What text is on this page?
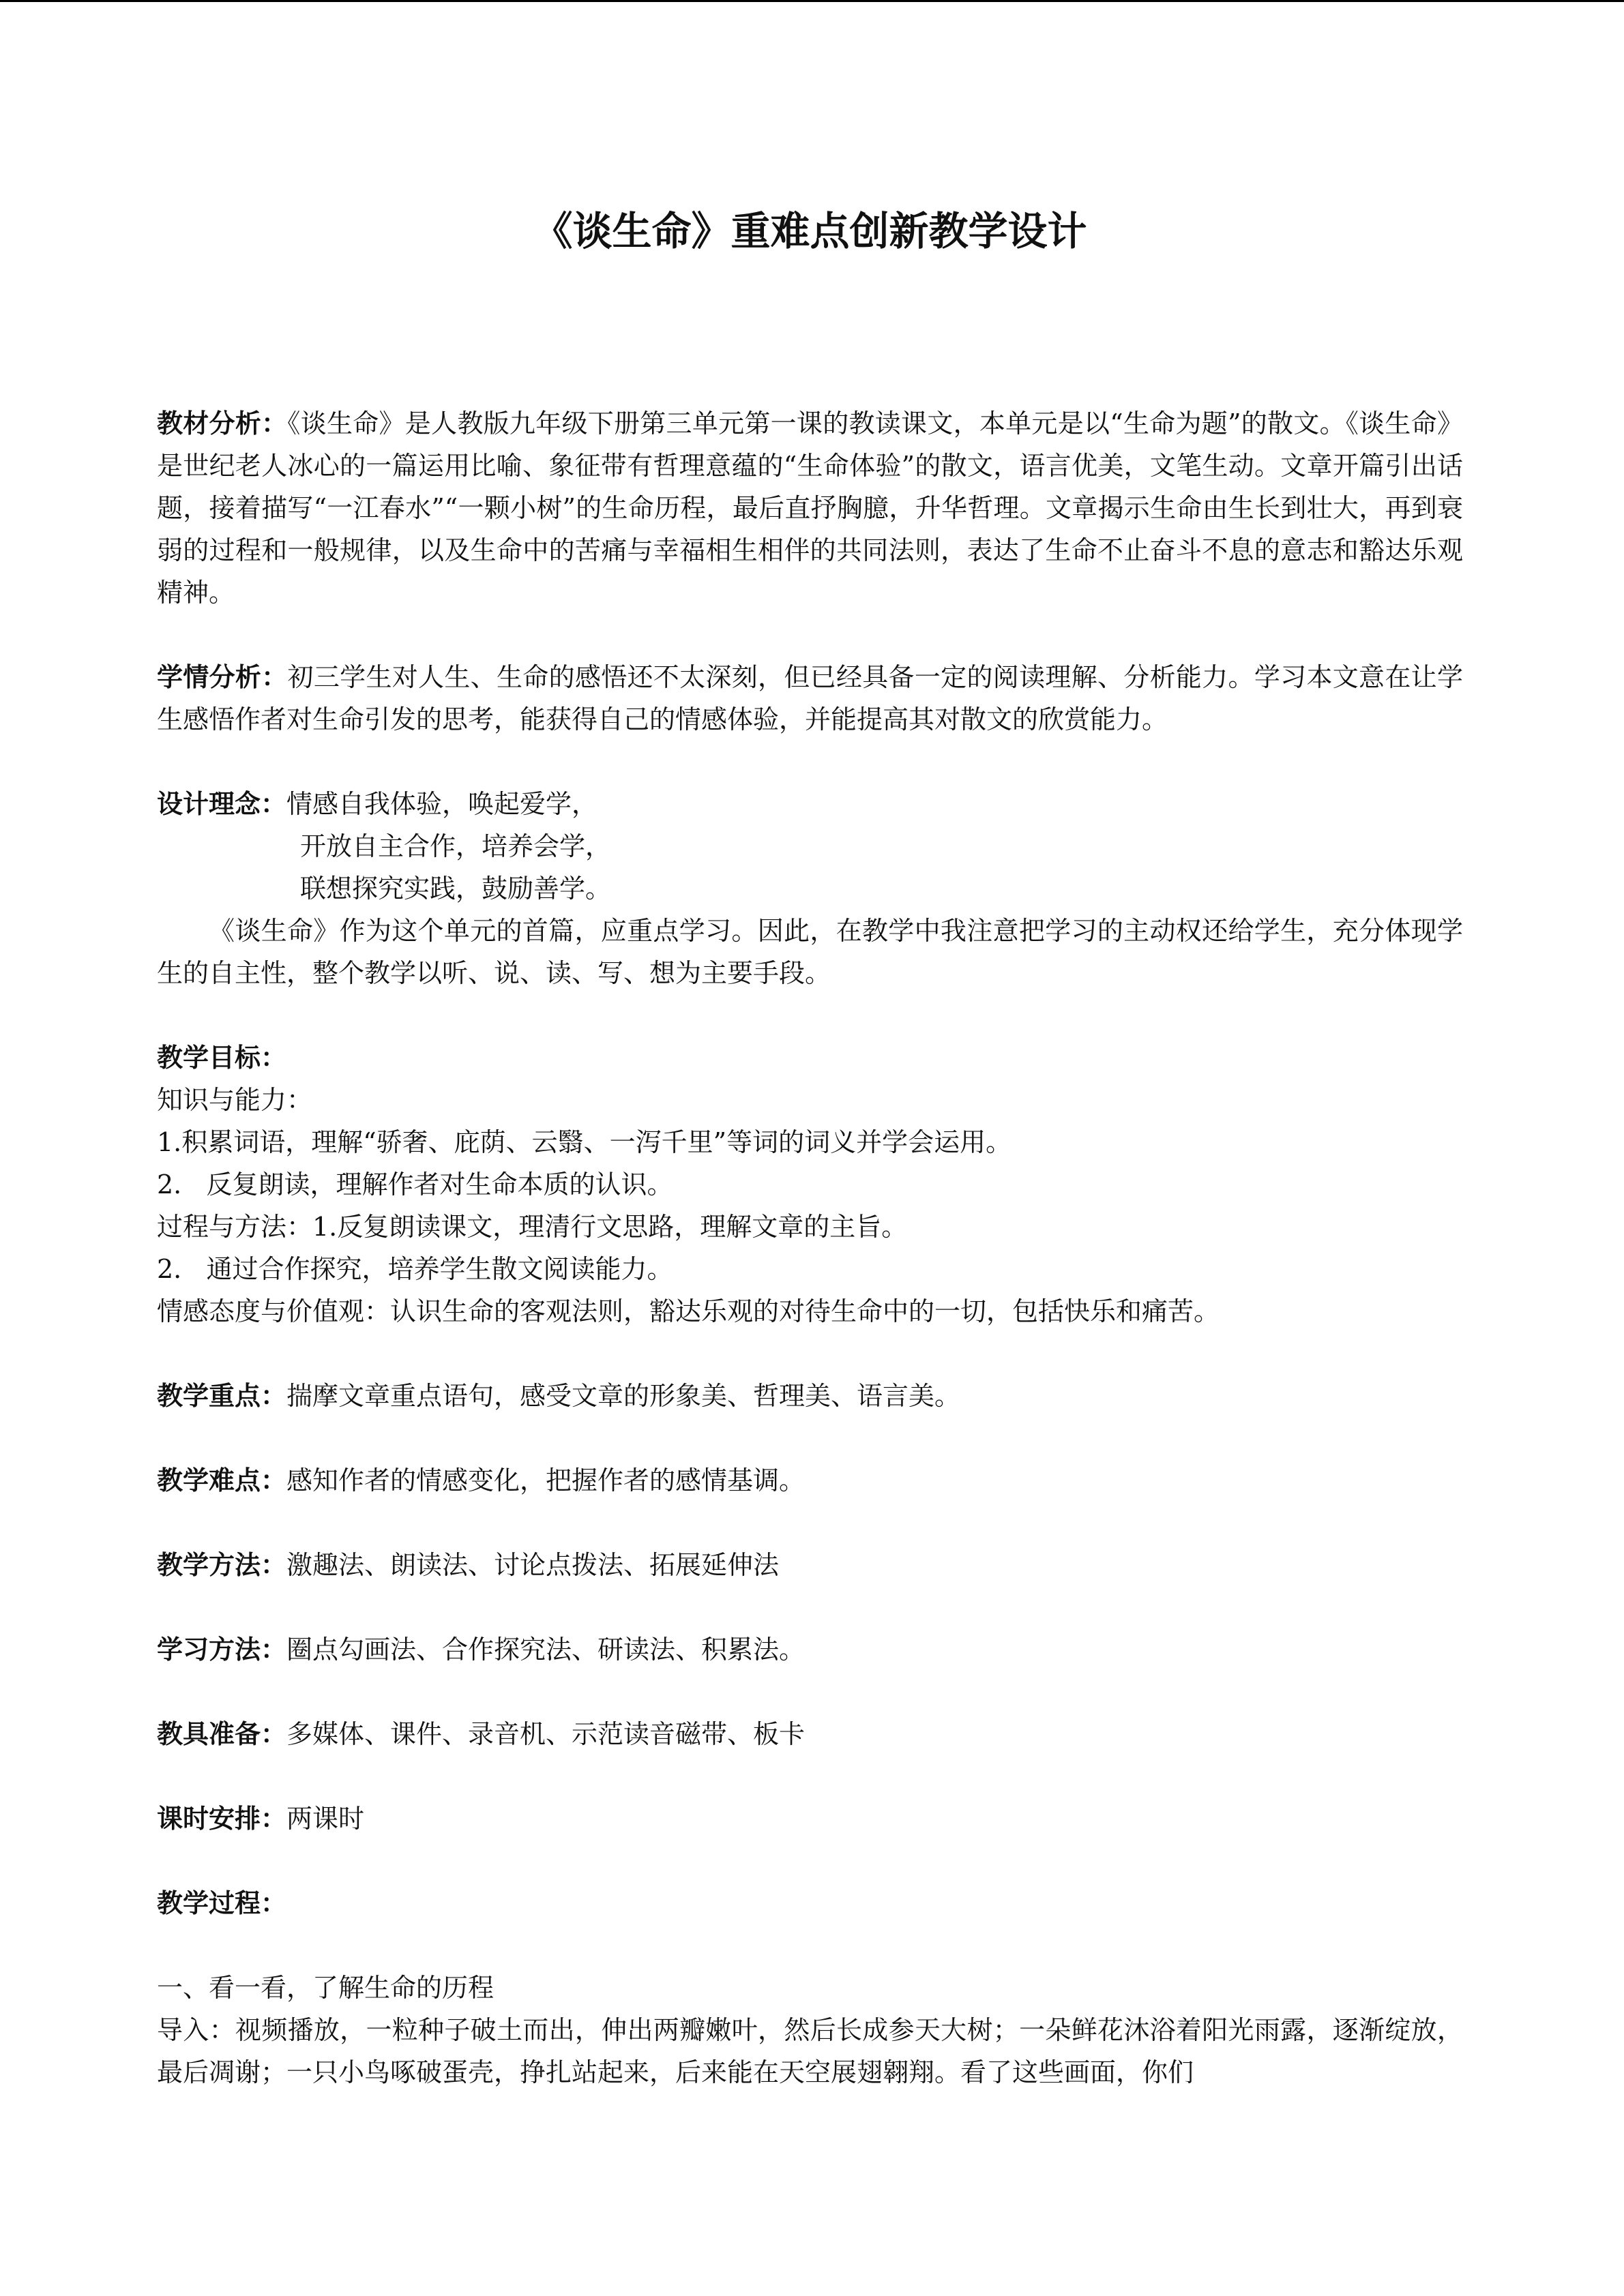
《谈生命》重难点创新教学设计

教材分析：《谈生命》是人教版九年级下册第三单元第一课的教读课文，本单元是以“生命为题”的散文。《谈生命》是世纪老人冰心的一篇运用比喻、象征带有哲理意蕴的“生命体验”的散文，语言优美，文笔生动。文章开篇引出话题，接着描写“一江春水”“一颗小树”的生命历程，最后直抒胸臆，升华哲理。文章揭示生命由生长到壮大，再到衰弱的过程和一般规律，以及生命中的苦痛与幸福相生相伴的共同法则，表达了生命不止奋斗不息的意志和豁达乐观精神。

学情分析：初三学生对人生、生命的感悟还不太深刻，但已经具备一定的阅读理解、分析能力。学习本文意在让学生感悟作者对生命引发的思考，能获得自己的情感体验，并能提高其对散文的欣赏能力。

设计理念：情感自我体验，唤起爱学，

开放自主合作，培养会学，

联想探究实践，鼓励善学。

《谈生命》作为这个单元的首篇，应重点学习。因此，在教学中我注意把学习的主动权还给学生，充分体现学生的自主性，整个教学以听、说、读、写、想为主要手段。

教学目标：

知识与能力：

1.积累词语，理解“骄奢、庇荫、云翳、一泻千里”等词的词义并学会运用。

2.   反复朗读，理解作者对生命本质的认识。

过程与方法：1.反复朗读课文，理清行文思路，理解文章的主旨。

2.   通过合作探究，培养学生散文阅读能力。

情感态度与价值观：认识生命的客观法则，豁达乐观的对待生命中的一切，包括快乐和痛苦。

教学重点：揣摩文章重点语句，感受文章的形象美、哲理美、语言美。

教学难点：感知作者的情感变化，把握作者的感情基调。

教学方法：激趣法、朗读法、讨论点拨法、拓展延伸法

学习方法：圈点勾画法、合作探究法、研读法、积累法。

教具准备：多媒体、课件、录音机、示范读音磁带、板卡

课时安排：两课时

教学过程：

一、看一看，了解生命的历程

导入：视频播放，一粒种子破土而出，伸出两瓣嫩叶，然后长成参天大树；一朵鲜花沐浴着阳光雨露，逐渐绽放，最后凋谢；一只小鸟啄破蛋壳，挣扎站起来，后来能在天空展翅翱翔。看了这些画面，你们
